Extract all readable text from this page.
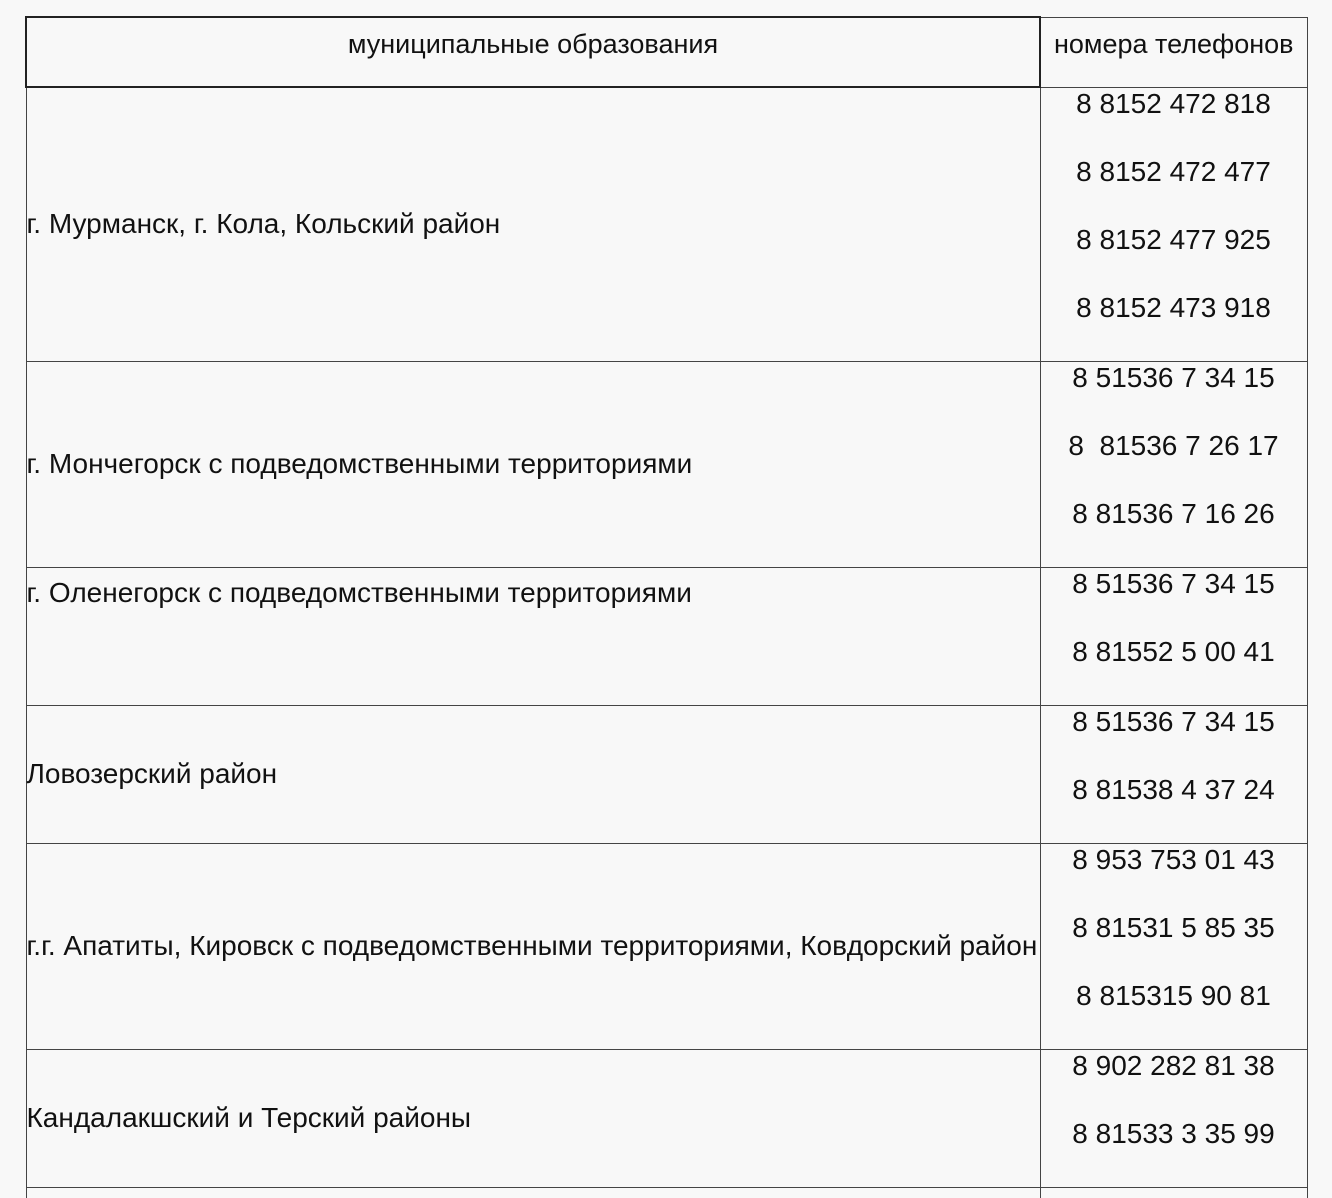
муниципальные образования	номера телефонов
г. Мурманск, г. Кола, Кольский район	8 8152 472 818
8 8152 472 477
8 8152 477 925
8 8152 473 918

г. Мончегорск с подведомственными территориями	8 51536 7 34 15
8  81536 7 26 17
8 81536 7 16 26

г. Оленегорск с подведомственными территориями	8 51536 7 34 15
8 81552 5 00 41

Ловозерский район	8 51536 7 34 15
8 81538 4 37 24

г.г. Апатиты, Кировск с подведомственными территориями, Ковдорский район	8 953 753 01 43
8 81531 5 85 35
8 815315 90 81

Кандалакшский и Терский районы	8 902 282 81 38
8 81533 3 35 99
